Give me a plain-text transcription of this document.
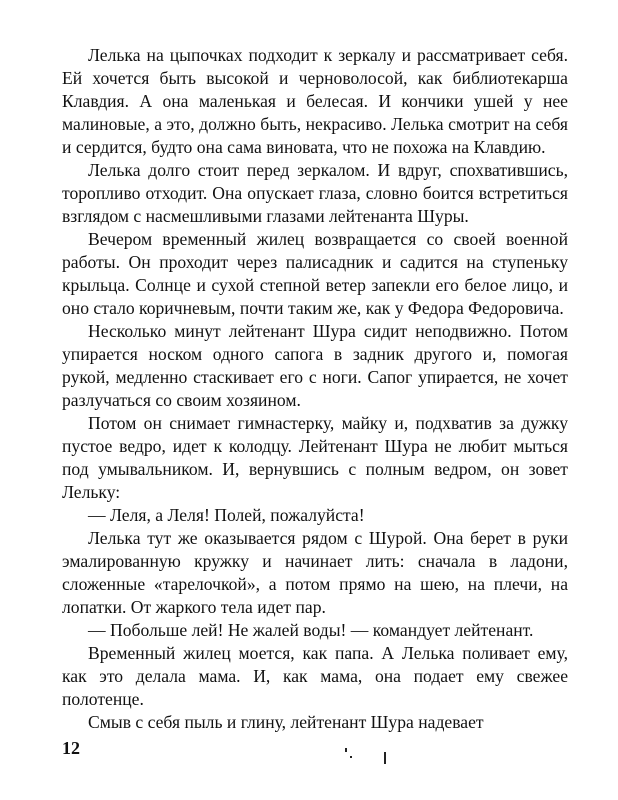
Лелька на цыпочках подходит к зеркалу и рассматривает себя. Ей хочется быть высокой и черноволосой, как библиотекарша Клавдия. А она маленькая и белесая. И кончики ушей у нее малиновые, а это, должно быть, некрасиво. Лелька смотрит на себя и сердится, будто она сама виновата, что не похожа на Клавдию.

Лелька долго стоит перед зеркалом. И вдруг, спохватившись, торопливо отходит. Она опускает глаза, словно боится встретиться взглядом с насмешливыми глазами лейтенанта Шуры.

Вечером временный жилец возвращается со своей военной работы. Он проходит через палисадник и садится на ступеньку крыльца. Солнце и сухой степной ветер запекли его белое лицо, и оно стало коричневым, почти таким же, как у Федора Федоровича.

Несколько минут лейтенант Шура сидит неподвижно. Потом упирается носком одного сапога в задник другого и, помогая рукой, медленно стаскивает его с ноги. Сапог упирается, не хочет разлучаться со своим хозяином.

Потом он снимает гимнастерку, майку и, подхватив за дужку пустое ведро, идет к колодцу. Лейтенант Шура не любит мыться под умывальником. И, вернувшись с полным ведром, он зовет Лельку:

— Леля, а Леля! Полей, пожалуйста!

Лелька тут же оказывается рядом с Шурой. Она берет в руки эмалированную кружку и начинает лить: сначала в ладони, сложенные «тарелочкой», а потом прямо на шею, на плечи, на лопатки. От жаркого тела идет пар.

— Побольше лей! Не жалей воды! — командует лейтенант.

Временный жилец моется, как папа. А Лелька поливает ему, как это делала мама. И, как мама, она подает ему свежее полотенце.

Смыв с себя пыль и глину, лейтенант Шура надевает

12
